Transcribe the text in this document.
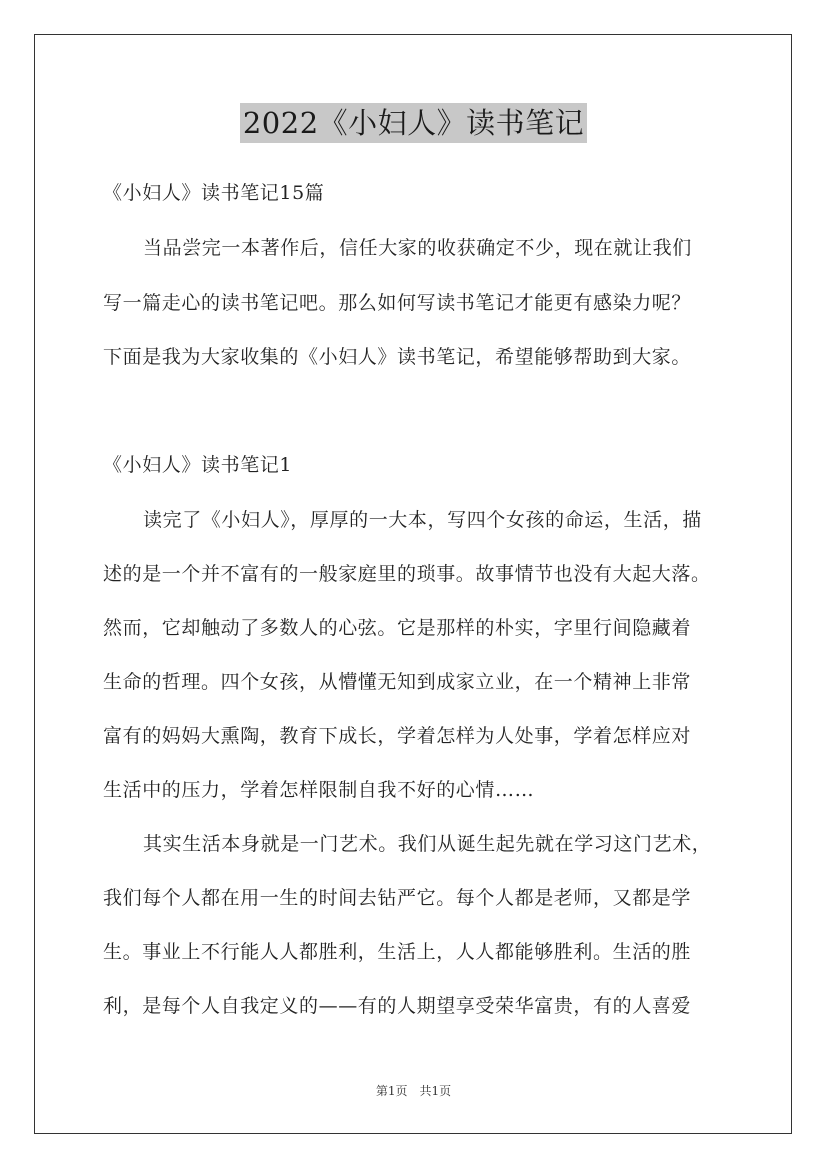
2022《小妇人》读书笔记
《小妇人》读书笔记15篇
当品尝完一本著作后，信任大家的收获确定不少，现在就让我们
写一篇走心的读书笔记吧。那么如何写读书笔记才能更有感染力呢？
下面是我为大家收集的《小妇人》读书笔记，希望能够帮助到大家。
《小妇人》读书笔记1
读完了《小妇人》，厚厚的一大本，写四个女孩的命运，生活，描
述的是一个并不富有的一般家庭里的琐事。故事情节也没有大起大落。
然而，它却触动了多数人的心弦。它是那样的朴实，字里行间隐藏着
生命的哲理。四个女孩，从懵懂无知到成家立业，在一个精神上非常
富有的妈妈大熏陶，教育下成长，学着怎样为人处事，学着怎样应对
生活中的压力，学着怎样限制自我不好的心情……
其实生活本身就是一门艺术。我们从诞生起先就在学习这门艺术，
我们每个人都在用一生的时间去钻严它。每个人都是老师，又都是学
生。事业上不行能人人都胜利，生活上，人人都能够胜利。生活的胜
利，是每个人自我定义的——有的人期望享受荣华富贵，有的人喜爱
第1页　共1页
